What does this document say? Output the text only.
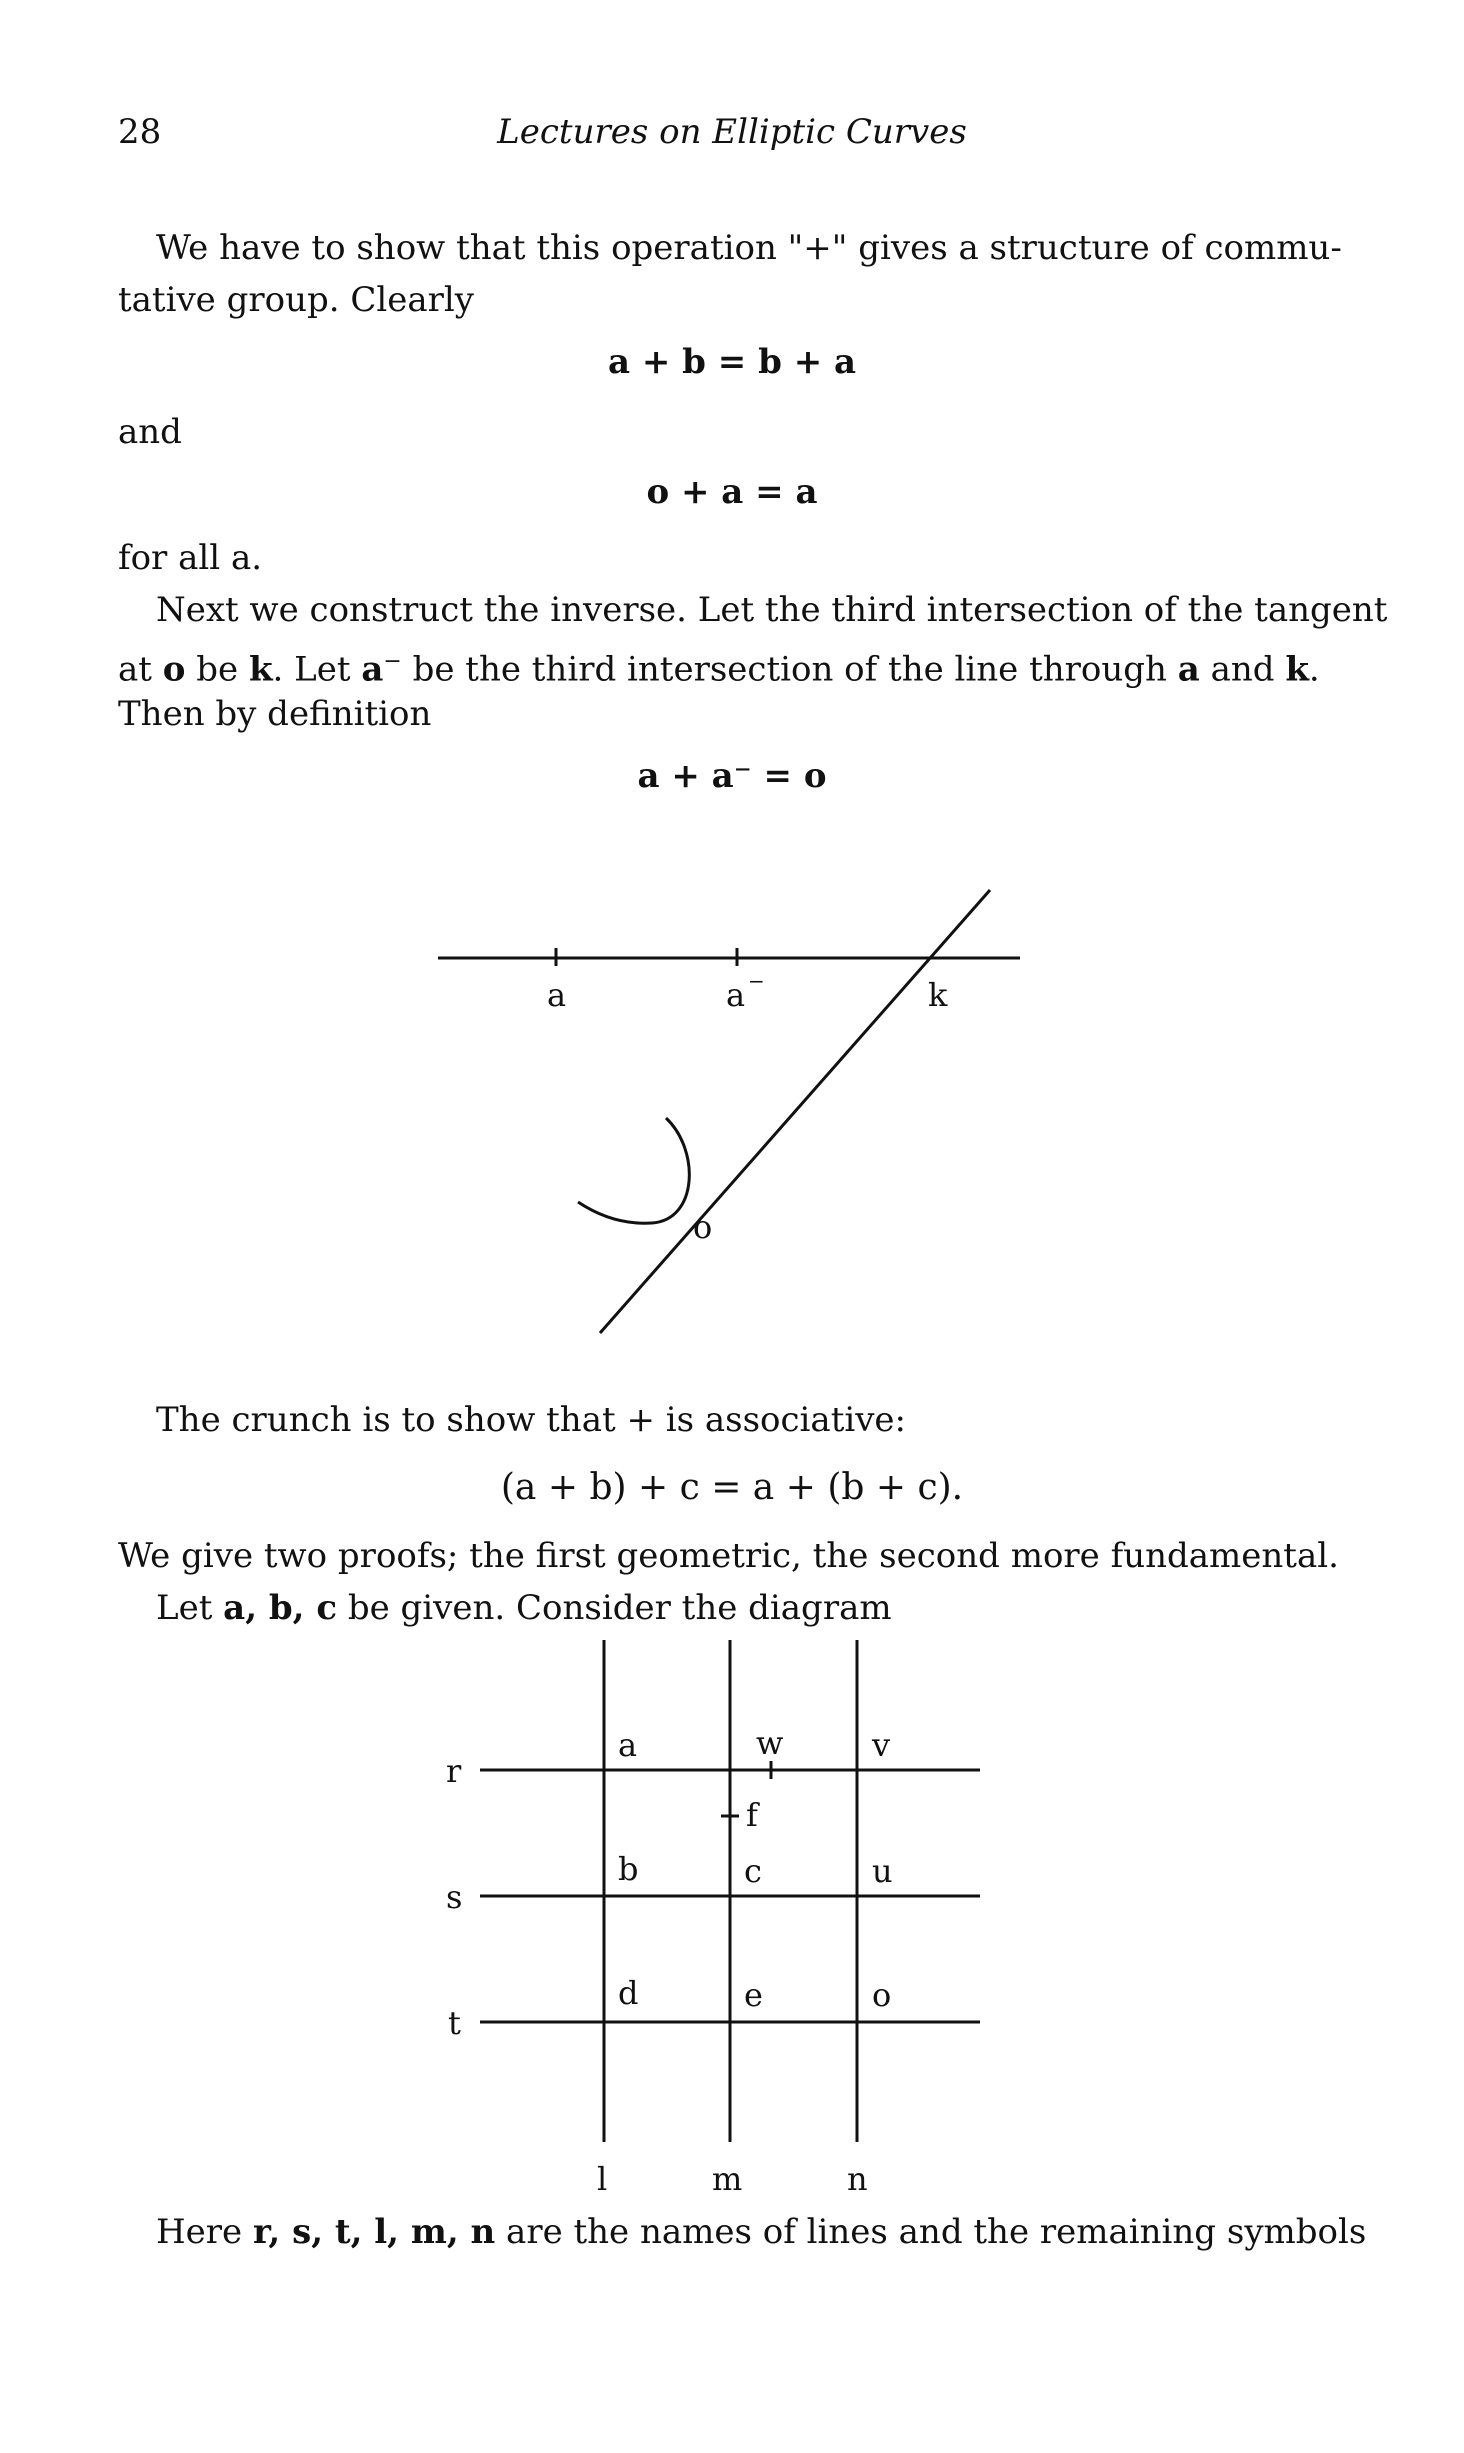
28	Lectures on Elliptic Curves
We have to show that this operation "+" gives a structure of commu-
tative group. Clearly
a + b = b + a
and
o + a = a
for all a.
Next we construct the inverse. Let the third intersection of the tangent
at o be k. Let a− be the third intersection of the line through a and k.
Then by definition
a + a⁻ = o
a	a −	k
o
The crunch is to show that + is associative:
(a + b) + c = a + (b + c).
We give two proofs; the first geometric, the second more fundamental.
Let a, b, c be given. Consider the diagram
r
s
t
l	m	n
a	w	v
f
b	c	u
d	e	o
Here r, s, t, l, m, n are the names of lines and the remaining symbols
